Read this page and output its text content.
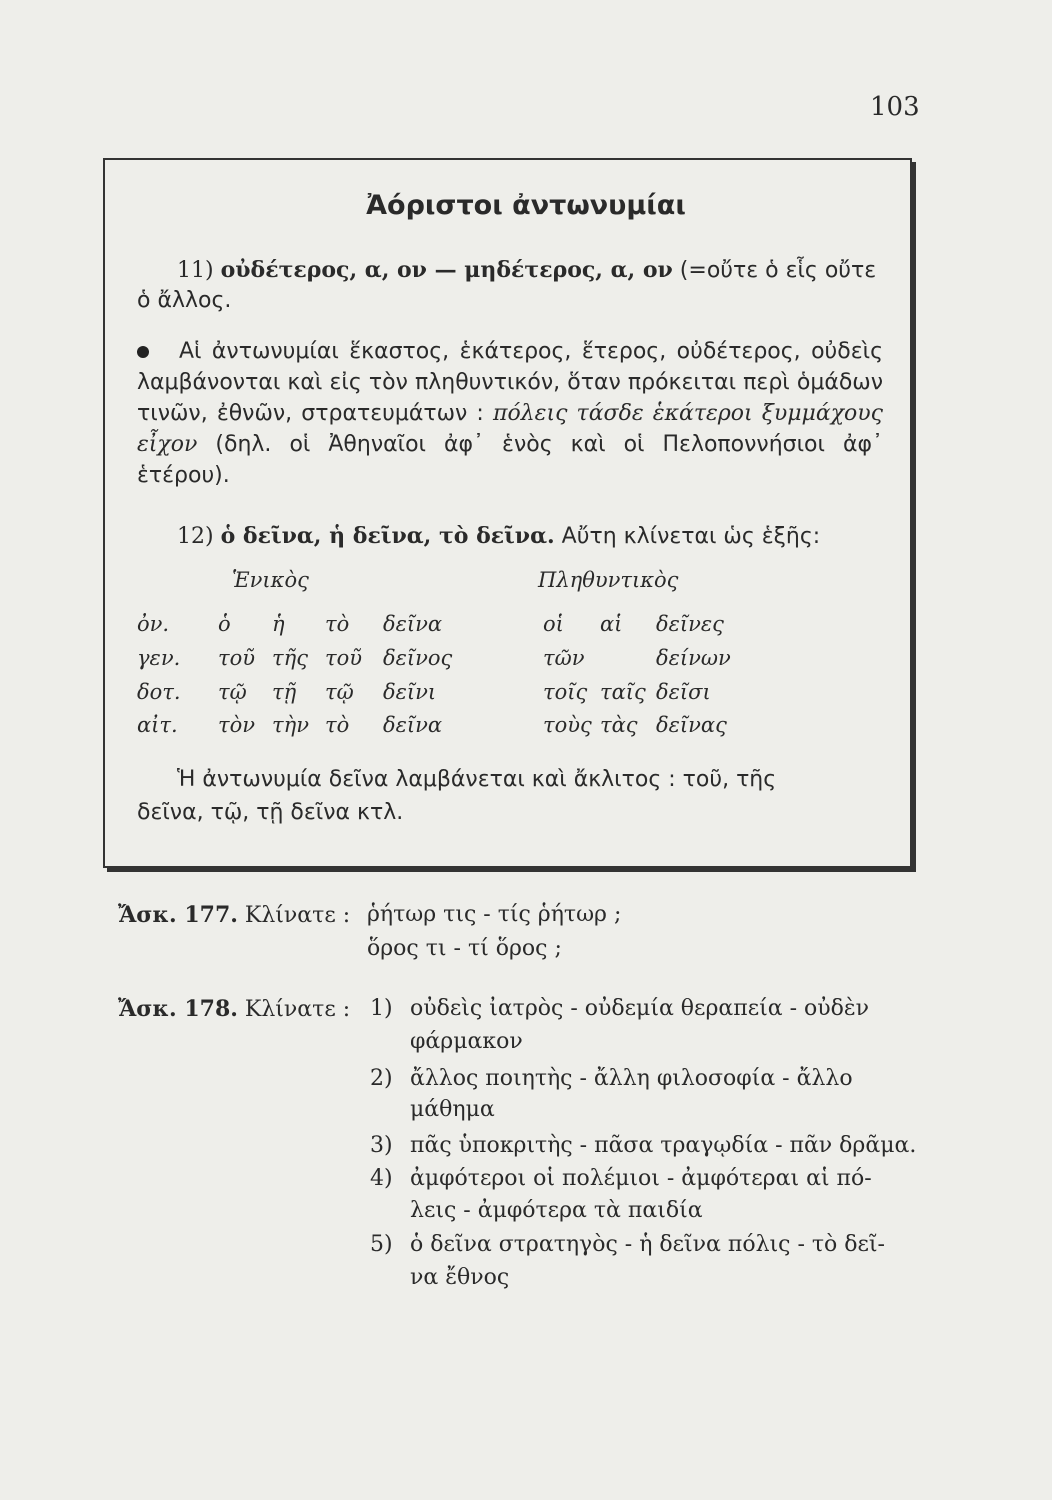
103
Ἀόριστοι ἀντωνυμίαι
11) οὐδέτερος, α, ον — μηδέτερος, α, ον (=οὔτε ὁ εἷς οὔτε
ὁ ἄλλος.
Αἱ ἀντωνυμίαι ἕκαστος, ἑκάτερος, ἕτερος, οὐδέτερος, οὐδεὶς λαμβάνονται καὶ εἰς τὸν πληθυντικόν, ὅταν πρόκειται περὶ ὁμάδων τινῶν, ἐθνῶν, στρατευμάτων : πόλεις τάσδε ἑκάτεροι ξυμμάχους εἶχον (δηλ. οἱ Ἀθηναῖοι ἀφ᾽ ἑνὸς καὶ οἱ Πελοποννήσιοι ἀφ᾽ ἑτέρου).
12) ὁ δεῖνα, ἡ δεῖνα, τὸ δεῖνα. Αὔτη κλίνεται ὡς ἑξῆς:
Ἑνικὸς	Πληθυντικὸς
ὀν. ὁ ἡ τὸ δεῖνα	οἱ αἱ δεῖνες
γεν. τοῦ τῆς τοῦ δεῖνος	τῶν	δείνων
δοτ. τῷ τῇ τῷ δεῖνι	τοῖς ταῖς δεῖσι
αἰτ. τὸν τὴν τὸ δεῖνα	τοὺς τὰς δεῖνας
Ἡ ἀντωνυμία δεῖνα λαμβάνεται καὶ ἄκλιτος : τοῦ, τῆς
δεῖνα, τῷ, τῇ δεῖνα κτλ.
Ἄσκ. 177. Κλίνατε : ῥήτωρ τις - τίς ῥήτωρ ;
ὅρος τι - τί ὅρος ;
Ἄσκ. 178. Κλίνατε : 1) οὐδεὶς ἰατρὸς - οὐδεμία θεραπεία - οὐδὲν
φάρμακον
2) ἄλλος ποιητὴς - ἄλλη φιλοσοφία - ἄλλο
μάθημα
3) πᾶς ὑποκριτὴς - πᾶσα τραγῳδία - πᾶν δρᾶμα.
4) ἀμφότεροι οἱ πολέμιοι - ἀμφότεραι αἱ πό-
λεις - ἀμφότερα τὰ παιδία
5) ὁ δεῖνα στρατηγὸς - ἡ δεῖνα πόλις - τὸ δεῖ-
να ἔθνος
